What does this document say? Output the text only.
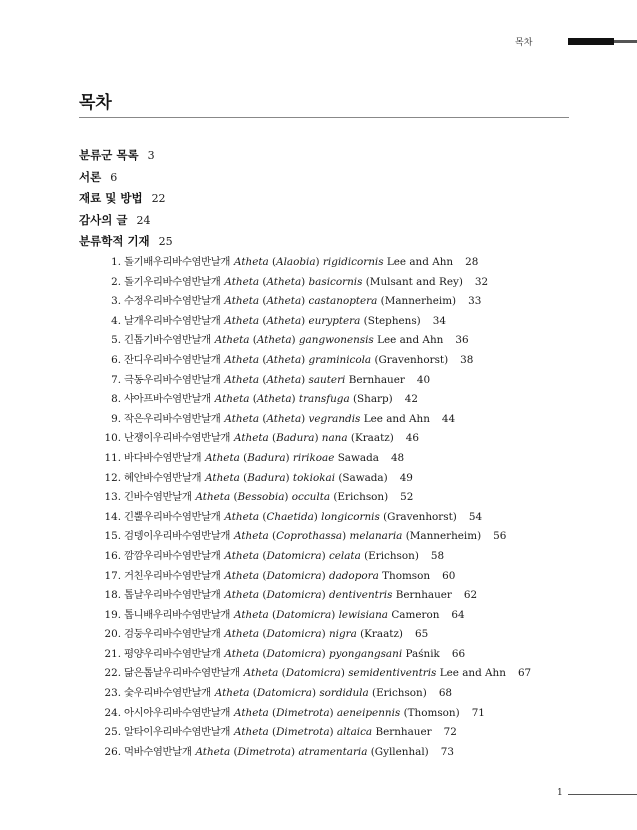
목차
목차
분류군 목록 3
서론 6
재료 및 방법 22
감사의 글 24
분류학적 기재 25
1. 돌기배우리바수염반날개 Atheta (Alaobia) rigidicornis Lee and Ahn 28
2. 돌기우리바수염반날개 Atheta (Atheta) basicornis (Mulsant and Rey) 32
3. 수정우리바수염반날개 Atheta (Atheta) castanoptera (Mannerheim) 33
4. 날개우리바수염반날개 Atheta (Atheta) euryptera (Stephens) 34
5. 긴톱기바수염반날개 Atheta (Atheta) gangwonensis Lee and Ahn 36
6. 잔디우리바수염반날개 Atheta (Atheta) graminicola (Gravenhorst) 38
7. 극동우리바수염반날개 Atheta (Atheta) sauteri Bernhauer 40
8. 샤아프바수염반날개 Atheta (Atheta) transfuga (Sharp) 42
9. 작은우리바수염반날개 Atheta (Atheta) vegrandis Lee and Ahn 44
10. 난쟁이우리바수염반날개 Atheta (Badura) nana (Kraatz) 46
11. 바다바수염반날개 Atheta (Badura) ririkoae Sawada 48
12. 혜안바수염반날개 Atheta (Badura) tokiokai (Sawada) 49
13. 긴바수염반날개 Atheta (Bessobia) occulta (Erichson) 52
14. 긴뿔우리바수염반날개 Atheta (Chaetida) longicornis (Gravenhorst) 54
15. 검뎅이우리바수염반날개 Atheta (Coprothassa) melanaria (Mannerheim) 56
16. 깜깜우리바수염반날개 Atheta (Datomicra) celata (Erichson) 58
17. 거친우리바수염반날개 Atheta (Datomicra) dadopora Thomson 60
18. 톱날우리바수염반날개 Atheta (Datomicra) dentiventris Bernhauer 62
19. 톱니배우리바수염반날개 Atheta (Datomicra) lewisiana Cameron 64
20. 검둥우리바수염반날개 Atheta (Datomicra) nigra (Kraatz) 65
21. 평양우리바수염반날개 Atheta (Datomicra) pyongangsani Paśnik 66
22. 닮은톱날우리바수염반날개 Atheta (Datomicra) semidentiventris Lee and Ahn 67
23. 숯우리바수염반날개 Atheta (Datomicra) sordidula (Erichson) 68
24. 아시아우리바수염반날개 Atheta (Dimetrota) aeneipennis (Thomson) 71
25. 알타이우리바수염반날개 Atheta (Dimetrota) altaica Bernhauer 72
26. 먹바수염반날개 Atheta (Dimetrota) atramentaria (Gyllenhal) 73
1
